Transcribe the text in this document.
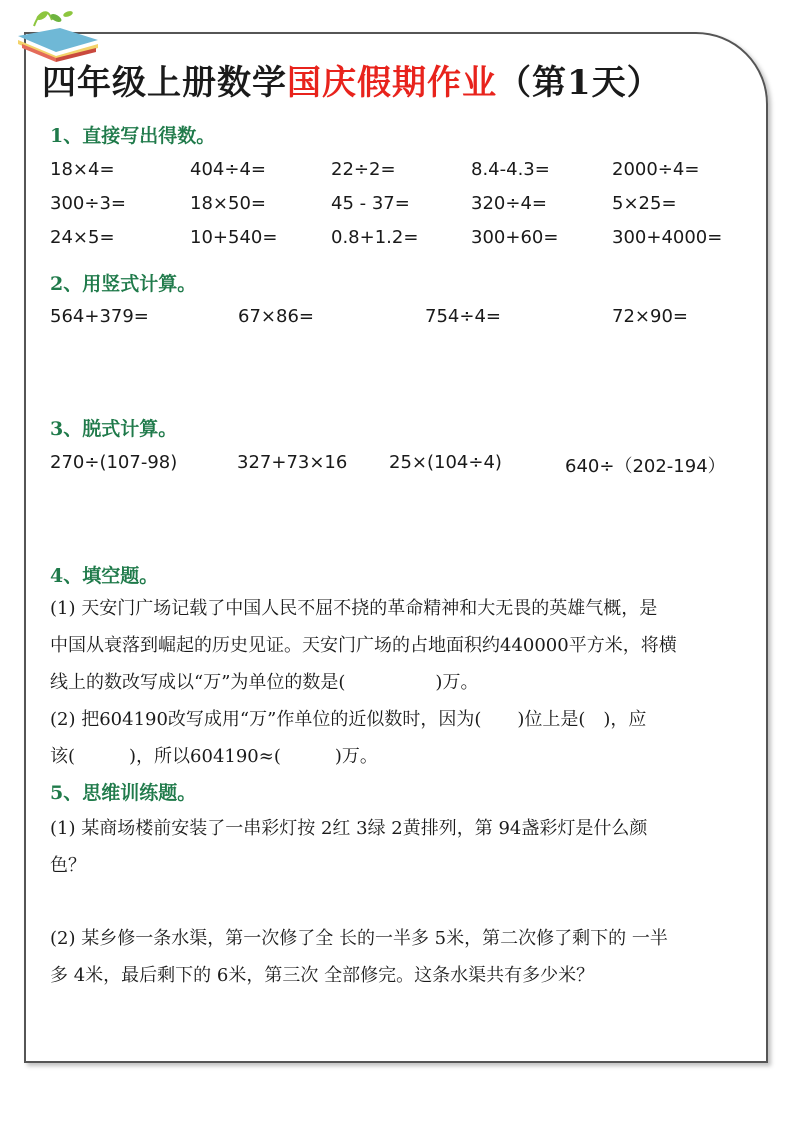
四年级上册数学国庆假期作业（第1天）
1、直接写出得数。
18×4=	404÷4=	22÷2=	8.4-4.3=	2000÷4=
300÷3=	18×50=	45 - 37=	320÷4=	5×25=
24×5=	10+540=	0.8+1.2=	300+60=	300+4000=
2、用竖式计算。
564+379=	67×86=	754÷4=	72×90=
3、脱式计算。
270÷(107-98)	327+73×16 25×(104÷4)	640÷（202-194）
4、填空题。
(1) 天安门广场记载了中国人民不屈不挠的革命精神和大无畏的英雄气概，是
中国从衰落到崛起的历史见证。天安门广场的占地面积约440000平方米，将横
线上的数改写成以“万”为单位的数是(　　　　　)万。
(2) 把604190改写成用“万”作单位的近似数时，因为(　　)位上是(　)，应
该(　　　)，所以604190≈(　　　)万。
5、思维训练题。
(1) 某商场楼前安装了一串彩灯按 2红 3绿 2黄排列，第 94盏彩灯是什么颜
色？
(2) 某乡修一条水渠，第一次修了全 长的一半多 5米，第二次修了剩下的 一半
多 4米，最后剩下的 6米，第三次 全部修完。这条水渠共有多少米？
